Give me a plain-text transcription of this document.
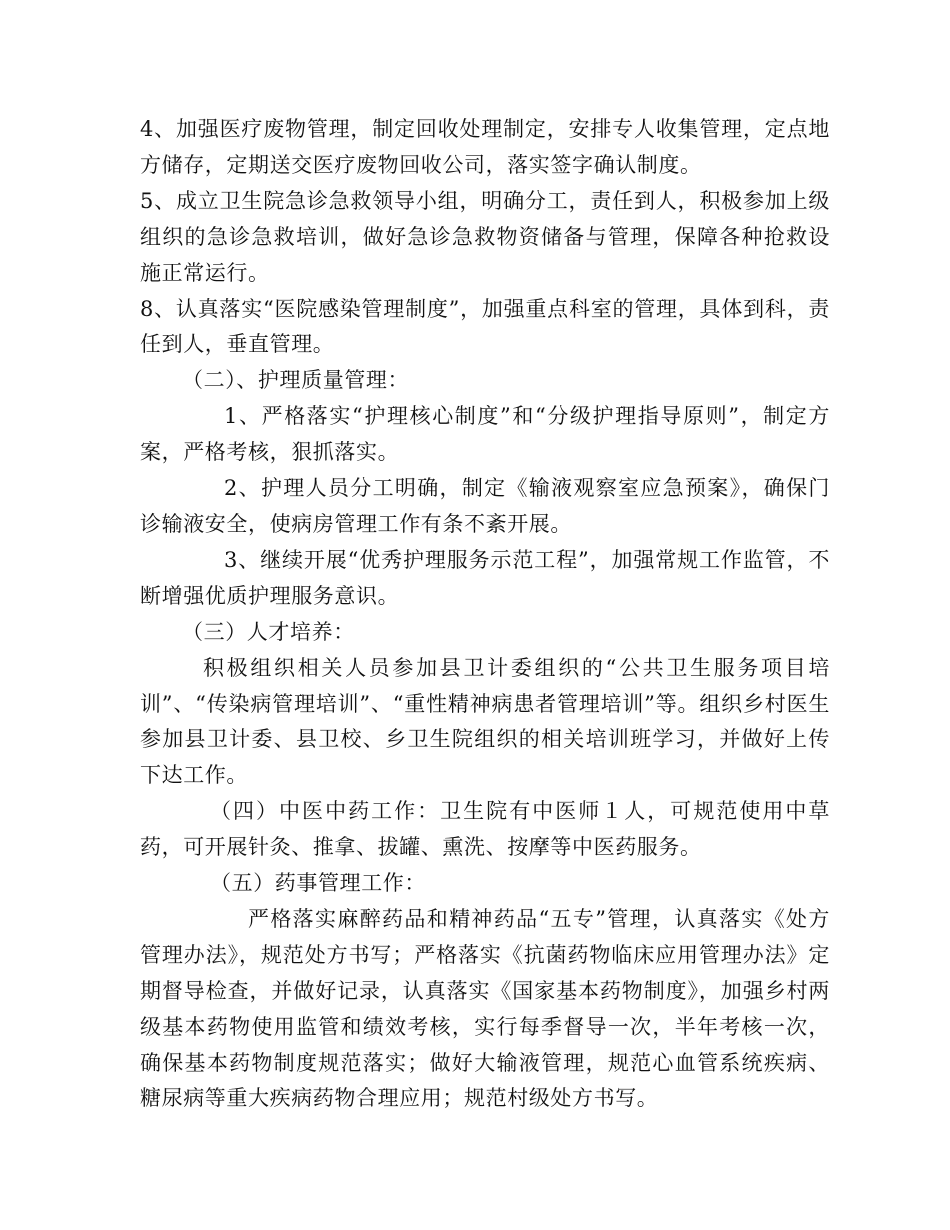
4、加强医疗废物管理，制定回收处理制定，安排专人收集管理，定点地方储存，定期送交医疗废物回收公司，落实签字确认制度。

5、成立卫生院急诊急救领导小组，明确分工，责任到人，积极参加上级组织的急诊急救培训，做好急诊急救物资储备与管理，保障各种抢救设施正常运行。

8、认真落实“医院感染管理制度”，加强重点科室的管理，具体到科，责任到人，垂直管理。

（二）、护理质量管理：

1、严格落实“护理核心制度”和“分级护理指导原则”，制定方案，严格考核，狠抓落实。

2、护理人员分工明确，制定《输液观察室应急预案》，确保门诊输液安全，使病房管理工作有条不紊开展。

3、继续开展“优秀护理服务示范工程”，加强常规工作监管，不断增强优质护理服务意识。

（三）人才培养：

积极组织相关人员参加县卫计委组织的“公共卫生服务项目培训”、“传染病管理培训”、“重性精神病患者管理培训”等。组织乡村医生参加县卫计委、县卫校、乡卫生院组织的相关培训班学习，并做好上传下达工作。

（四）中医中药工作：卫生院有中医师１人，可规范使用中草药，可开展针灸、推拿、拔罐、熏洗、按摩等中医药服务。

（五）药事管理工作：

严格落实麻醉药品和精神药品“五专”管理，认真落实《处方管理办法》，规范处方书写；严格落实《抗菌药物临床应用管理办法》定期督导检查，并做好记录，认真落实《国家基本药物制度》，加强乡村两级基本药物使用监管和绩效考核，实行每季督导一次，半年考核一次，确保基本药物制度规范落实；做好大输液管理，规范心血管系统疾病、糖尿病等重大疾病药物合理应用；规范村级处方书写。
